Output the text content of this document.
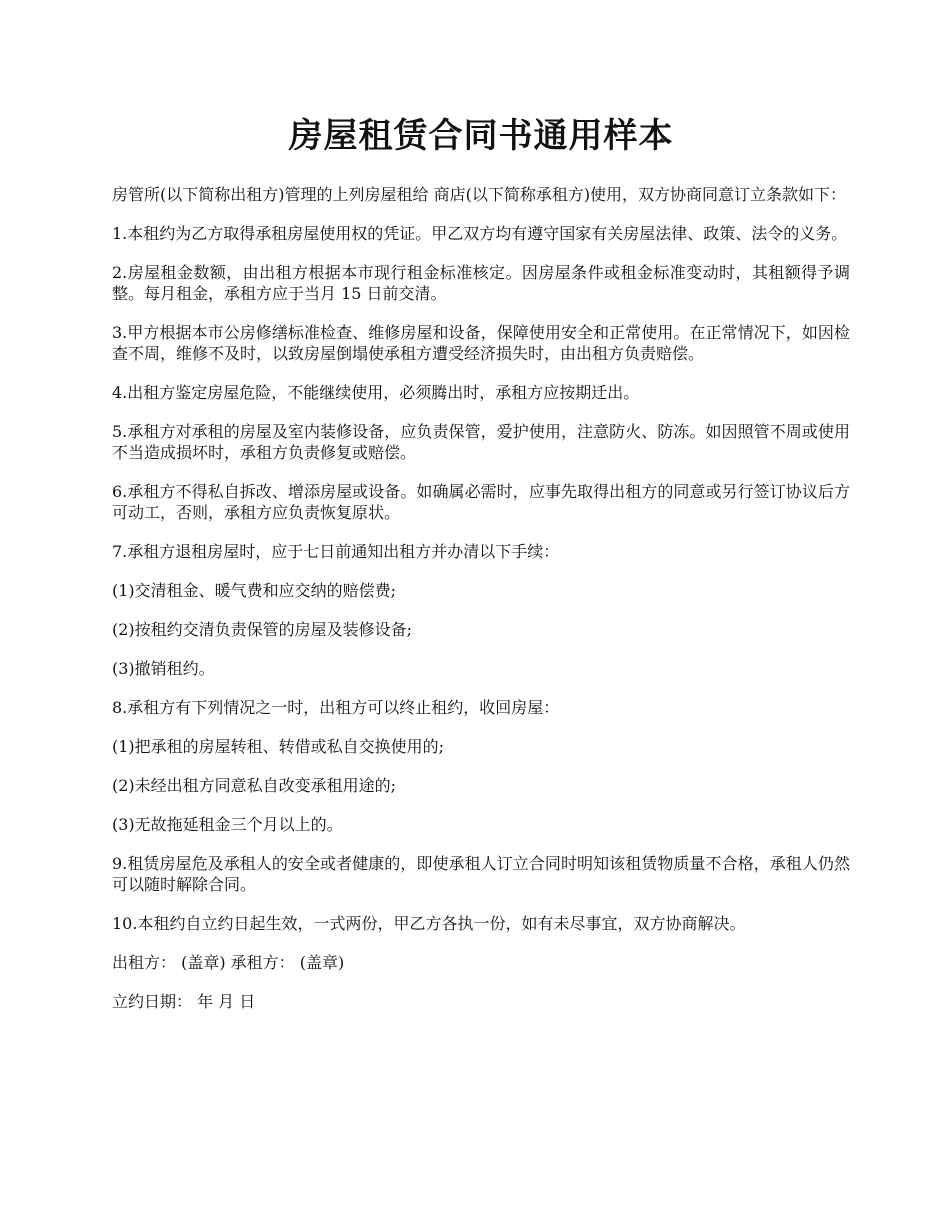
房屋租赁合同书通用样本

房管所(以下简称出租方)管理的上列房屋租给 商店(以下简称承租方)使用，双方协商同意订立条款如下：

1.本租约为乙方取得承租房屋使用权的凭证。甲乙双方均有遵守国家有关房屋法律、政策、法令的义务。

2.房屋租金数额，由出租方根据本市现行租金标准核定。因房屋条件或租金标准变动时，其租额得予调整。每月租金，承租方应于当月 15 日前交清。

3.甲方根据本市公房修缮标准检查、维修房屋和设备，保障使用安全和正常使用。在正常情况下，如因检查不周，维修不及时，以致房屋倒塌使承租方遭受经济损失时，由出租方负责赔偿。

4.出租方鉴定房屋危险，不能继续使用，必须腾出时，承租方应按期迁出。

5.承租方对承租的房屋及室内装修设备，应负责保管，爱护使用，注意防火、防冻。如因照管不周或使用不当造成损坏时，承租方负责修复或赔偿。

6.承租方不得私自拆改、增添房屋或设备。如确属必需时，应事先取得出租方的同意或另行签订协议后方可动工，否则，承租方应负责恢复原状。

7.承租方退租房屋时，应于七日前通知出租方并办清以下手续：

(1)交清租金、暖气费和应交纳的赔偿费;

(2)按租约交清负责保管的房屋及装修设备;

(3)撤销租约。

8.承租方有下列情况之一时，出租方可以终止租约，收回房屋：

(1)把承租的房屋转租、转借或私自交换使用的;

(2)未经出租方同意私自改变承租用途的;

(3)无故拖延租金三个月以上的。

9.租赁房屋危及承租人的安全或者健康的，即使承租人订立合同时明知该租赁物质量不合格，承租人仍然可以随时解除合同。

10.本租约自立约日起生效，一式两份，甲乙方各执一份，如有未尽事宜，双方协商解决。

出租方： (盖章) 承租方： (盖章)

立约日期： 年 月 日
